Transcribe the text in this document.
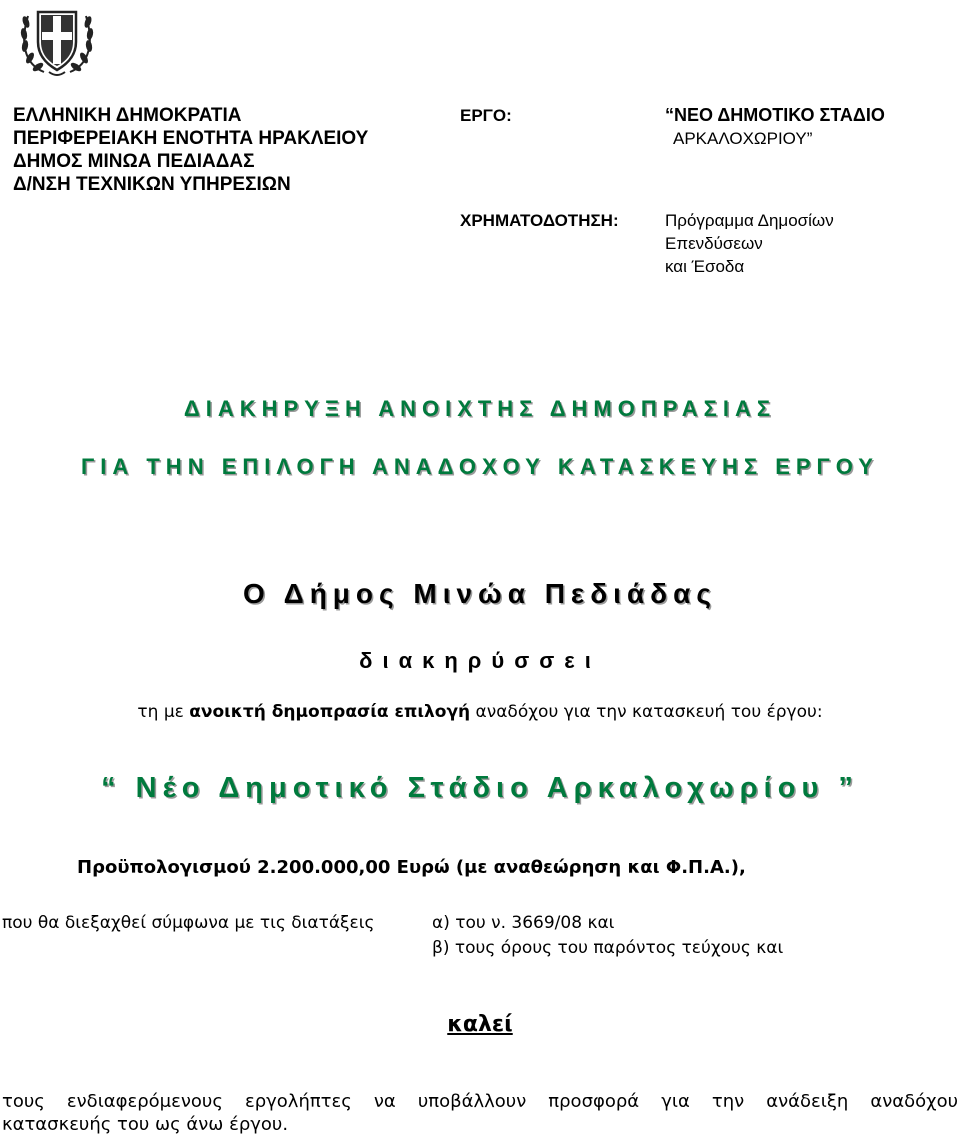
ΕΛΛΗΝΙΚΗ ΔΗΜΟΚΡΑΤΙΑ
ΠΕΡΙΦΕΡΕΙΑΚΗ ΕΝΟΤΗΤΑ ΗΡΑΚΛΕΙΟΥ
ΔΗΜΟΣ ΜΙΝΩΑ ΠΕΔΙΑΔΑΣ
Δ/ΝΣΗ ΤΕΧΝΙΚΩΝ ΥΠΗΡΕΣΙΩΝ
ΕΡΓΟ:
ΧΡΗΜΑΤΟΔΟΤΗΣΗ:
“ΝΕΟ ΔΗΜΟΤΙΚΟ ΣΤΑΔΙΟ
ΑΡΚΑΛΟΧΩΡΙΟΥ”
Πρόγραμμα Δημοσίων
Επενδύσεων
και Έσοδα
ΔΙΑΚΗΡΥΞΗ ΑΝΟΙΧΤΗΣ ΔΗΜΟΠΡΑΣΙΑΣ
ΓΙΑ ΤΗΝ ΕΠΙΛΟΓΗ ΑΝΑΔΟΧΟΥ ΚΑΤΑΣΚΕΥΗΣ ΕΡΓΟΥ
Ο Δήμος Μινώα Πεδιάδας
διακηρύσσει
τη με ανοικτή δημοπρασία επιλογή αναδόχου για την κατασκευή του έργου:
“ Νέο Δημοτικό Στάδιο Αρκαλοχωρίου ”
Προϋπολογισμού 2.200.000,00 Ευρώ (με αναθεώρηση και Φ.Π.Α.),
που θα διεξαχθεί σύμφωνα με τις διατάξεις	α) του ν. 3669/08 και
β) τους όρους του παρόντος τεύχους και
καλεί
τους ενδιαφερόμενους εργολήπτες να υποβάλλουν προσφορά για την ανάδειξη αναδόχου
κατασκευής του ως άνω έργου.
